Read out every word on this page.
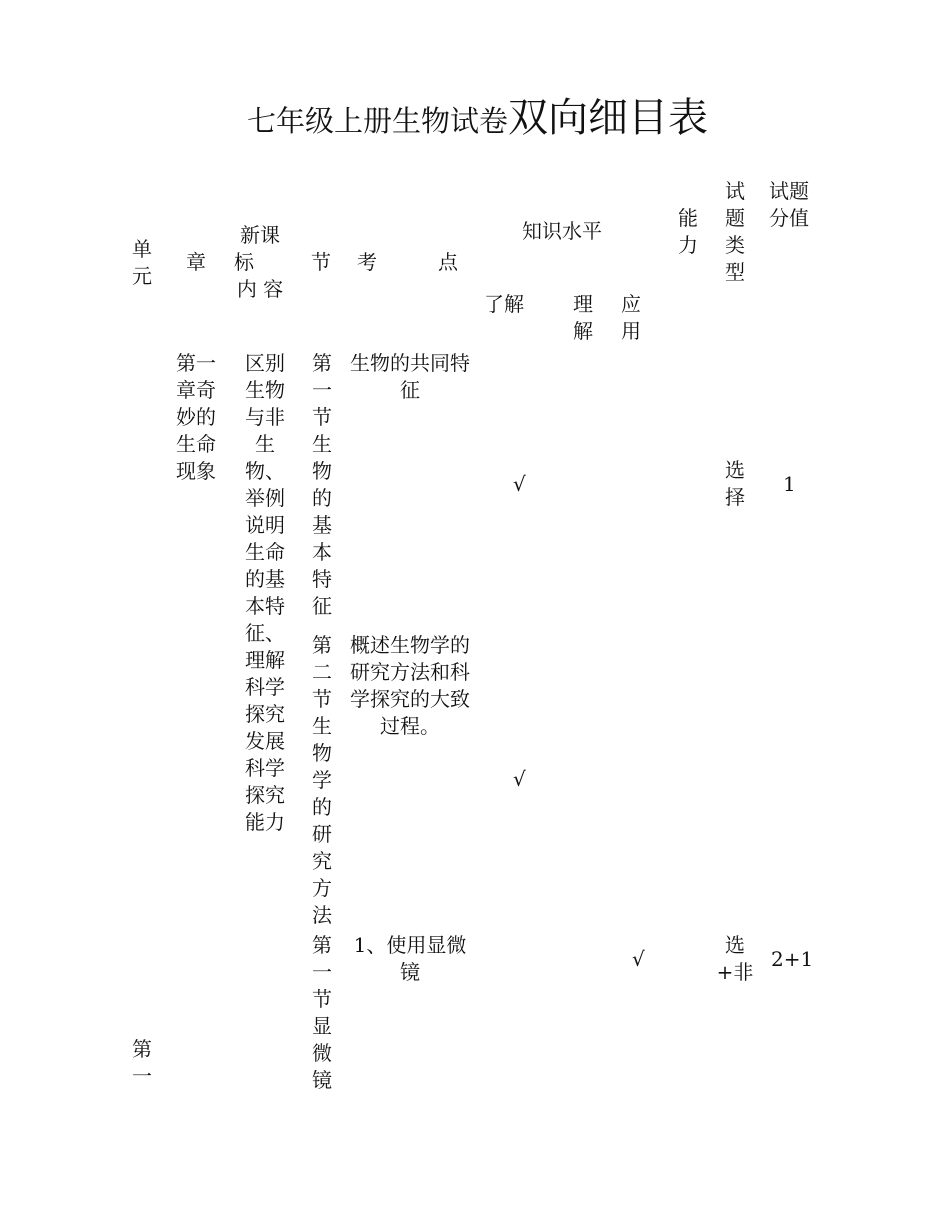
七年级上册生物试卷双向细目表
单
元
章
新课
标
内 容
节 考	点
知识水平
了解 理
解
应
用
能
力
试
题
类
型
试题
分值
第一章奇妙的生命现象
区别生物与非 生 物、举例说明生命的基本特征、理解科学探究发展科学探究能力
第一节生物的基本特征
第二节生物学的研究方法
第一节显微镜
生物的共同特征
√
选
择
1
概述生物学的研究方法和科学探究的大致过程。
√
1、使用显微镜
√
选
+非
2+1
第
一
